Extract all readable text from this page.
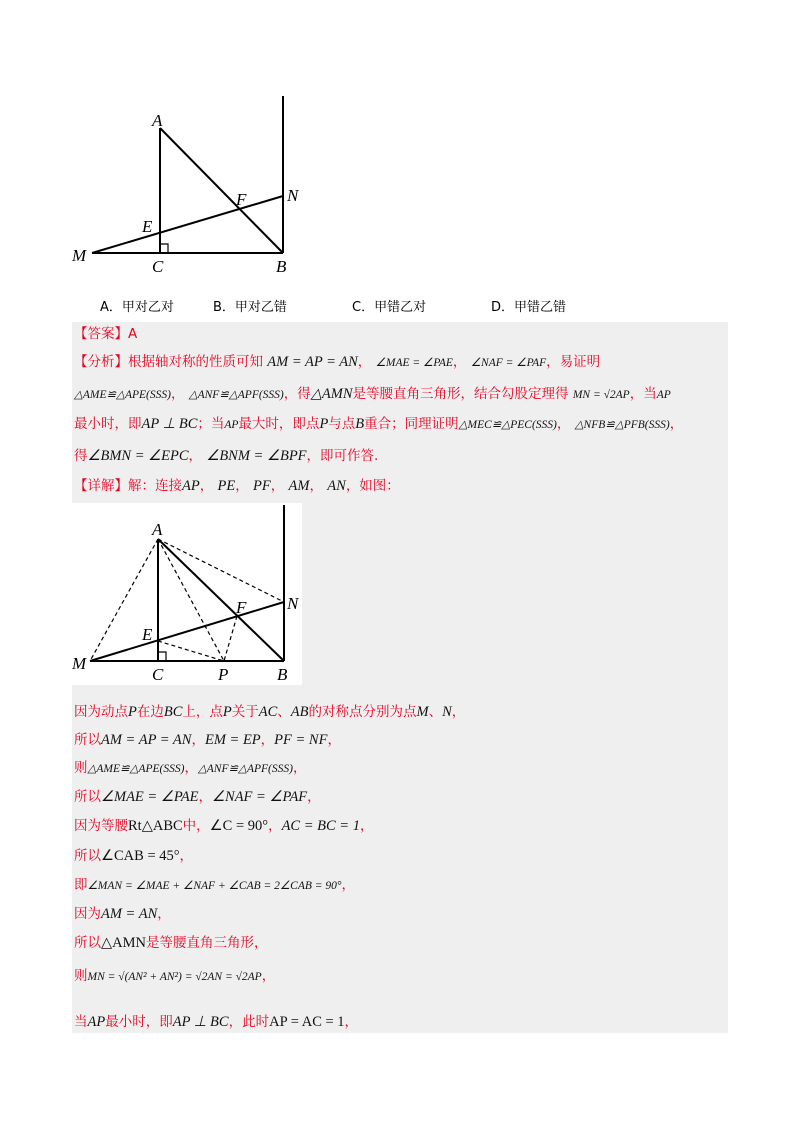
A
E
F N
M
C	B
A．甲对乙对	B．甲对乙错	C．甲错乙对	D．甲错乙错
【答案】A
【分析】根据轴对称的性质可知 AM = AP = AN， ∠MAE = ∠PAE， ∠NAF = ∠PAF，易证明
△AME≌△APE(SSS)， △ANF≌△APF(SSS)，得△AMN是等腰直角三角形，结合勾股定理得 MN = √2AP，当AP
最小时，即AP ⊥ BC；当AP最大时，即点P与点B重合；同理证明△MEC≌△PEC(SSS)， △NFB≌△PFB(SSS)，
得∠BMN = ∠EPC， ∠BNM = ∠BPF，即可作答.
【详解】解：连接AP， PE， PF， AM， AN，如图：
A
E
F N
M
C	P	B
因为动点P在边BC上，点P关于AC、AB的对称点分别为点M、N，
所以AM = AP = AN，EM = EP，PF = NF，
则△AME≌△APE(SSS)，△ANF≌△APF(SSS)，
所以∠MAE = ∠PAE，∠NAF = ∠PAF，
因为等腰Rt△ABC中，∠C = 90°，AC = BC = 1，
所以∠CAB = 45°，
即∠MAN = ∠MAE + ∠NAF + ∠CAB = 2∠CAB = 90°，
因为AM = AN，
所以△AMN是等腰直角三角形，
则MN = √(AN² + AN²) = √2AN = √2AP，
当AP最小时，即AP ⊥ BC，此时AP = AC = 1，
